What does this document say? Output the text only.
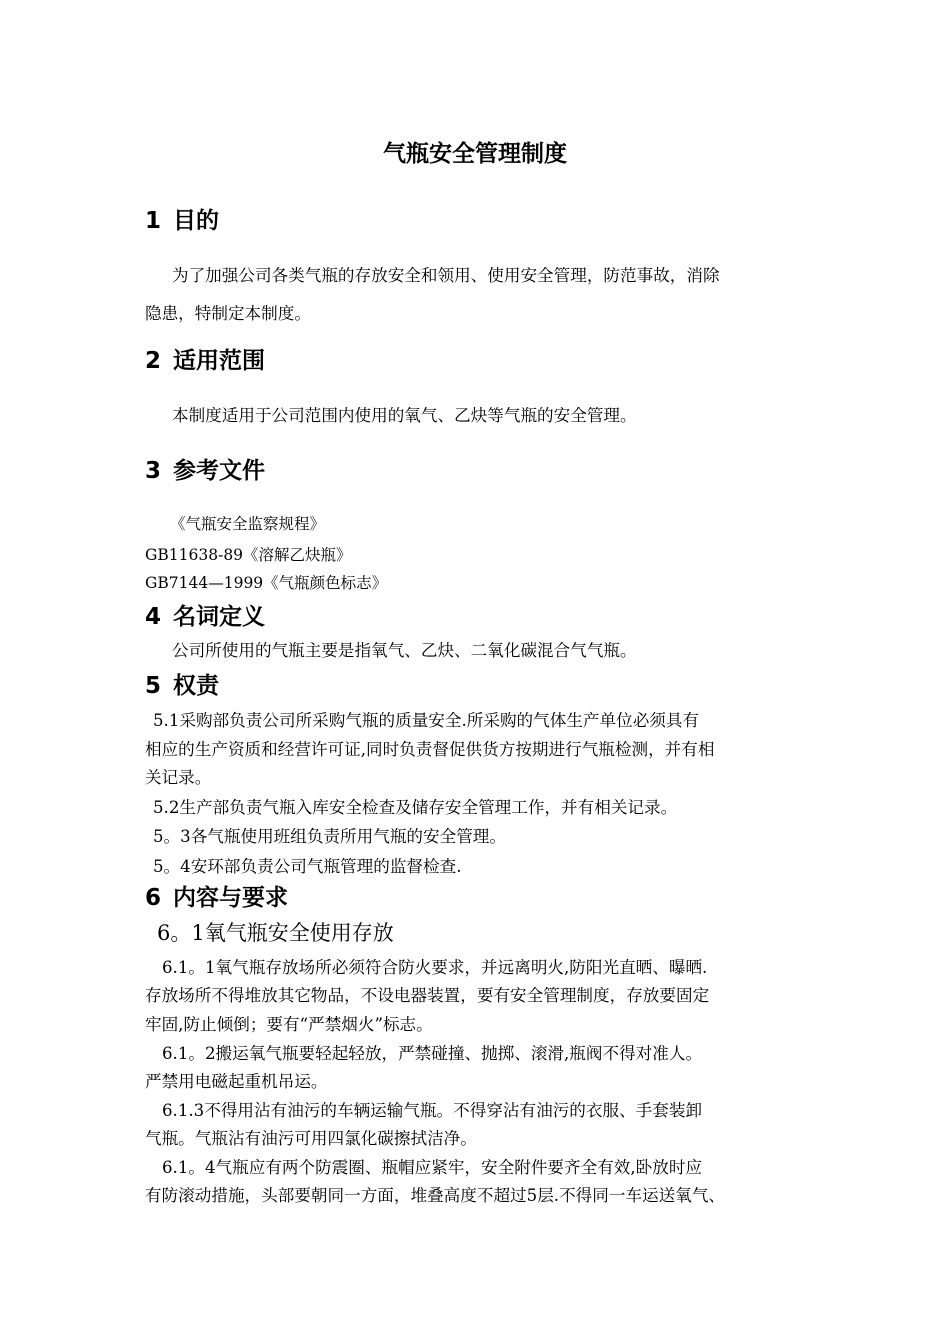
气瓶安全管理制度
1 目的
为了加强公司各类气瓶的存放安全和领用、使用安全管理，防范事故，消除
隐患，特制定本制度。
2 适用范围
本制度适用于公司范围内使用的氧气、乙炔等气瓶的安全管理。
3 参考文件
《气瓶安全监察规程》
GB11638-89《溶解乙炔瓶》
GB7144—1999《气瓶颜色标志》
4 名词定义
公司所使用的气瓶主要是指氧气、乙炔、二氧化碳混合气气瓶。
5 权责
5.1采购部负责公司所采购气瓶的质量安全.所采购的气体生产单位必须具有
相应的生产资质和经营许可证,同时负责督促供货方按期进行气瓶检测，并有相
关记录。
5.2生产部负责气瓶入库安全检查及储存安全管理工作，并有相关记录。
5。3各气瓶使用班组负责所用气瓶的安全管理。
5。4安环部负责公司气瓶管理的监督检查.
6 内容与要求
6。1氧气瓶安全使用存放
6.1。1氧气瓶存放场所必须符合防火要求，并远离明火,防阳光直晒、曝晒.
存放场所不得堆放其它物品，不设电器装置，要有安全管理制度，存放要固定
牢固,防止倾倒；要有“严禁烟火”标志。
6.1。2搬运氧气瓶要轻起轻放，严禁碰撞、抛掷、滚滑,瓶阀不得对准人。
严禁用电磁起重机吊运。
6.1.3不得用沾有油污的车辆运输气瓶。不得穿沾有油污的衣服、手套装卸
气瓶。气瓶沾有油污可用四氯化碳擦拭洁净。
6.1。4气瓶应有两个防震圈、瓶帽应紧牢，安全附件要齐全有效,卧放时应
有防滚动措施，头部要朝同一方面，堆叠高度不超过5层.不得同一车运送氧气、
